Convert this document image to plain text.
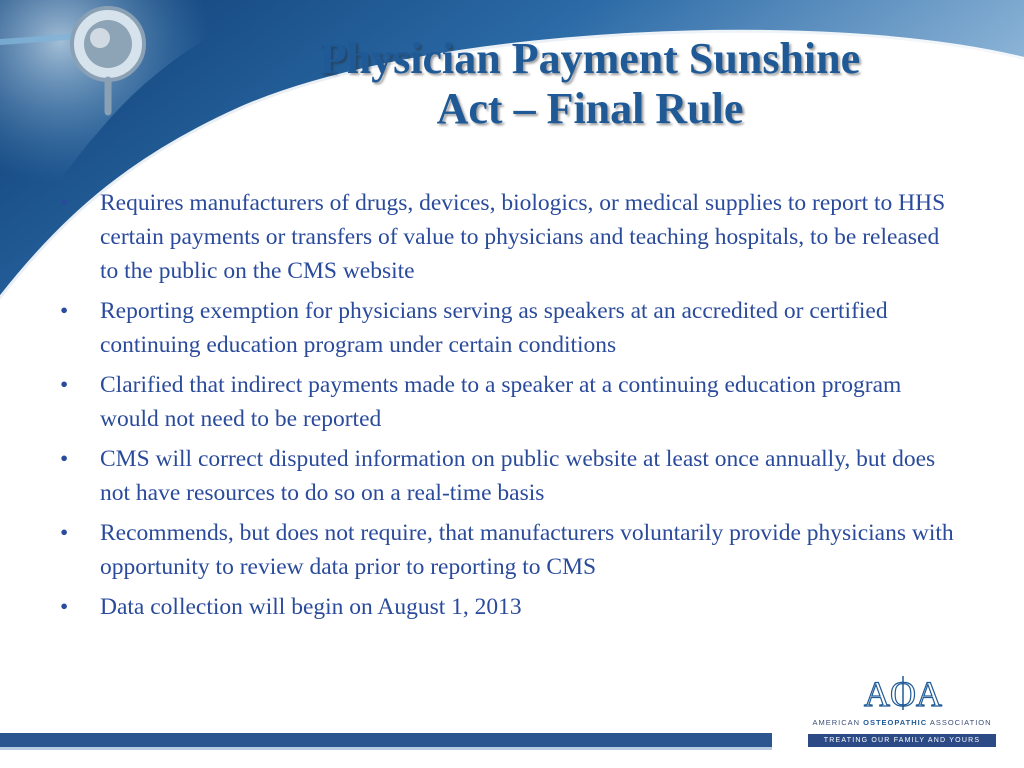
Physician Payment Sunshine
Act – Final Rule
• Requires manufacturers of drugs, devices, biologics, or medical supplies to report to HHS certain payments or transfers of value to physicians and teaching hospitals, to be released to the public on the CMS website
• Reporting exemption for physicians serving as speakers at an accredited or certified continuing education program under certain conditions
• Clarified that indirect payments made to a speaker at a continuing education program would not need to be reported
• CMS will correct disputed information on public website at least once annually, but does not have resources to do so on a real-time basis
• Recommends, but does not require, that manufacturers voluntarily provide physicians with opportunity to review data prior to reporting to CMS
• Data collection will begin on August 1, 2013
AOA
AMERICAN OSTEOPATHIC ASSOCIATION
TREATING OUR FAMILY AND YOURS
